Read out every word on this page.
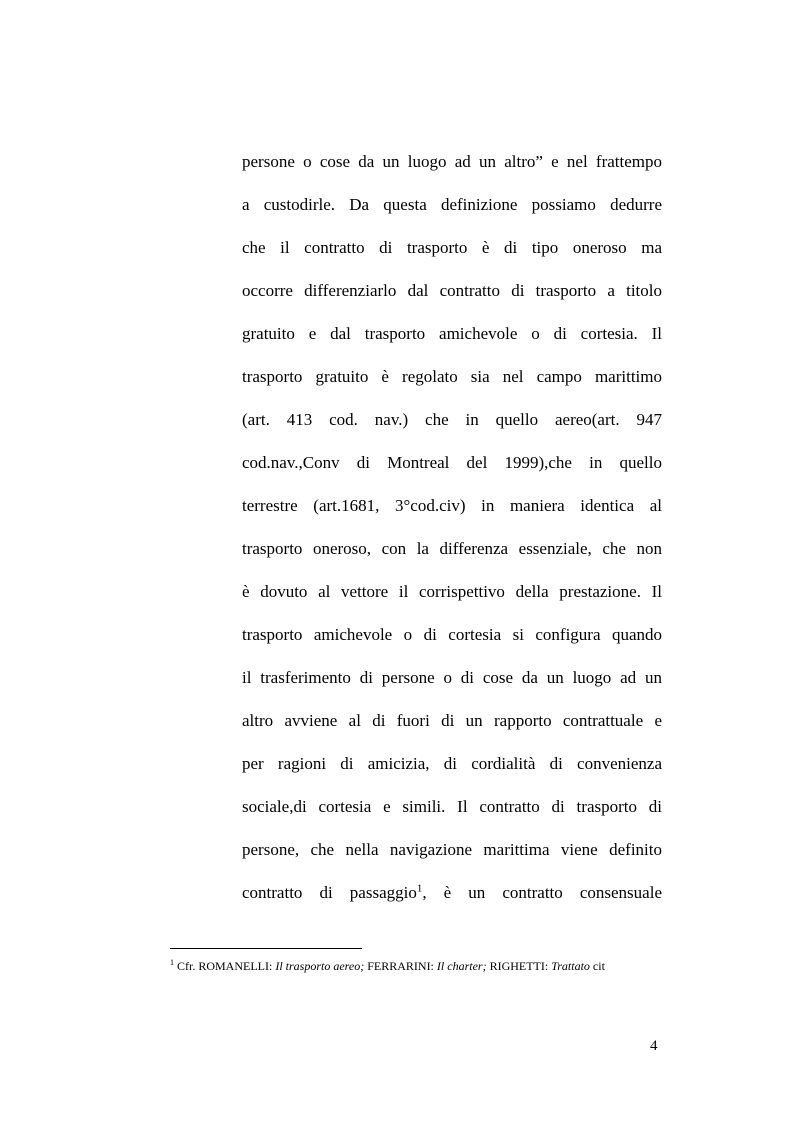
persone o cose da un luogo ad un altro” e nel frattempo
a custodirle. Da questa definizione possiamo dedurre
che il contratto di trasporto è di tipo oneroso ma
occorre differenziarlo dal contratto di trasporto a titolo
gratuito e dal trasporto amichevole o di cortesia. Il
trasporto gratuito è regolato sia nel campo marittimo
(art. 413 cod. nav.) che in quello aereo(art. 947
cod.nav.,Conv di Montreal del 1999),che in quello
terrestre (art.1681, 3°cod.civ) in maniera identica al
trasporto oneroso, con la differenza essenziale, che non
è dovuto al vettore il corrispettivo della prestazione. Il
trasporto amichevole o di cortesia si configura quando
il trasferimento di persone o di cose da un luogo ad un
altro avviene al di fuori di un rapporto contrattuale e
per ragioni di amicizia, di cordialità di convenienza
sociale,di cortesia e simili. Il contratto di trasporto di
persone, che nella navigazione marittima viene definito
contratto di passaggio$^1$, è un contratto consensuale
$^1$ Cfr. ROMANELLI: Il trasporto aereo; FERRARINI: Il charter; RIGHETTI: Trattato cit
4
